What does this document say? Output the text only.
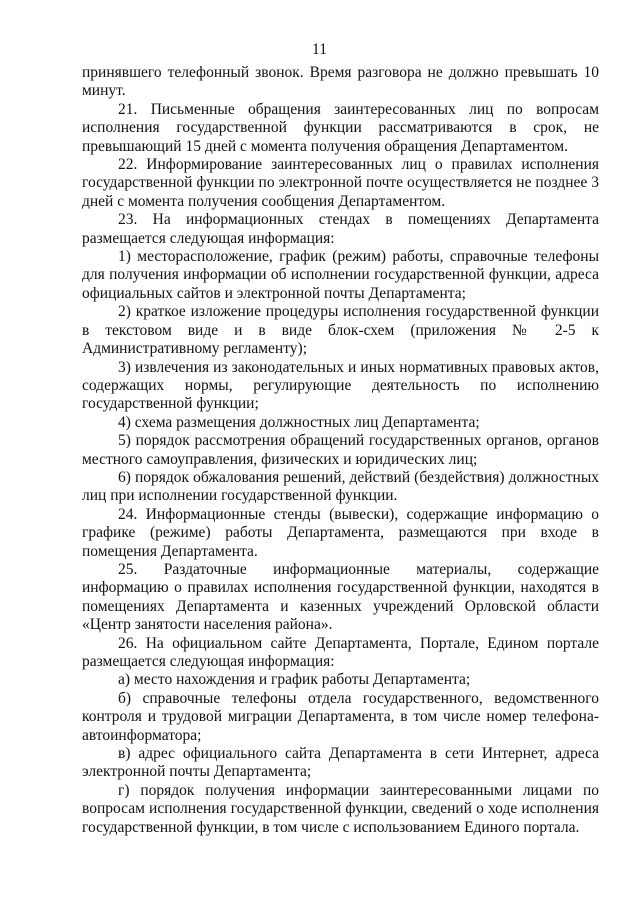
11

принявшего телефонный звонок. Время разговора не должно превышать 10 минут.

21. Письменные обращения заинтересованных лиц по вопросам исполнения государственной функции рассматриваются в срок, не превышающий 15 дней с момента получения обращения Департаментом.

22. Информирование заинтересованных лиц о правилах исполнения государственной функции по электронной почте осуществляется не позднее 3 дней с момента получения сообщения Департаментом.

23. На информационных стендах в помещениях Департамента размещается следующая информация:

1) месторасположение, график (режим) работы, справочные телефоны для получения информации об исполнении государственной функции, адреса официальных сайтов и электронной почты Департамента;

2) краткое изложение процедуры исполнения государственной функции в текстовом виде и в виде блок-схем (приложения № 2-5 к Административному регламенту);

3) извлечения из законодательных и иных нормативных правовых актов, содержащих нормы, регулирующие деятельность по исполнению государственной функции;

4) схема размещения должностных лиц Департамента;

5) порядок рассмотрения обращений государственных органов, органов местного самоуправления, физических и юридических лиц;

6) порядок обжалования решений, действий (бездействия) должностных лиц при исполнении государственной функции.

24. Информационные стенды (вывески), содержащие информацию о графике (режиме) работы Департамента, размещаются при входе в помещения Департамента.

25. Раздаточные информационные материалы, содержащие информацию о правилах исполнения государственной функции, находятся в помещениях Департамента и казенных учреждений Орловской области «Центр занятости населения района».

26. На официальном сайте Департамента, Портале, Едином портале размещается следующая информация:

а) место нахождения и график работы Департамента;

б) справочные телефоны отдела государственного, ведомственного контроля и трудовой миграции Департамента, в том числе номер телефона-автоинформатора;

в) адрес официального сайта Департамента в сети Интернет, адреса электронной почты Департамента;

г) порядок получения информации заинтересованными лицами по вопросам исполнения государственной функции, сведений о ходе исполнения государственной функции, в том числе с использованием Единого портала.
